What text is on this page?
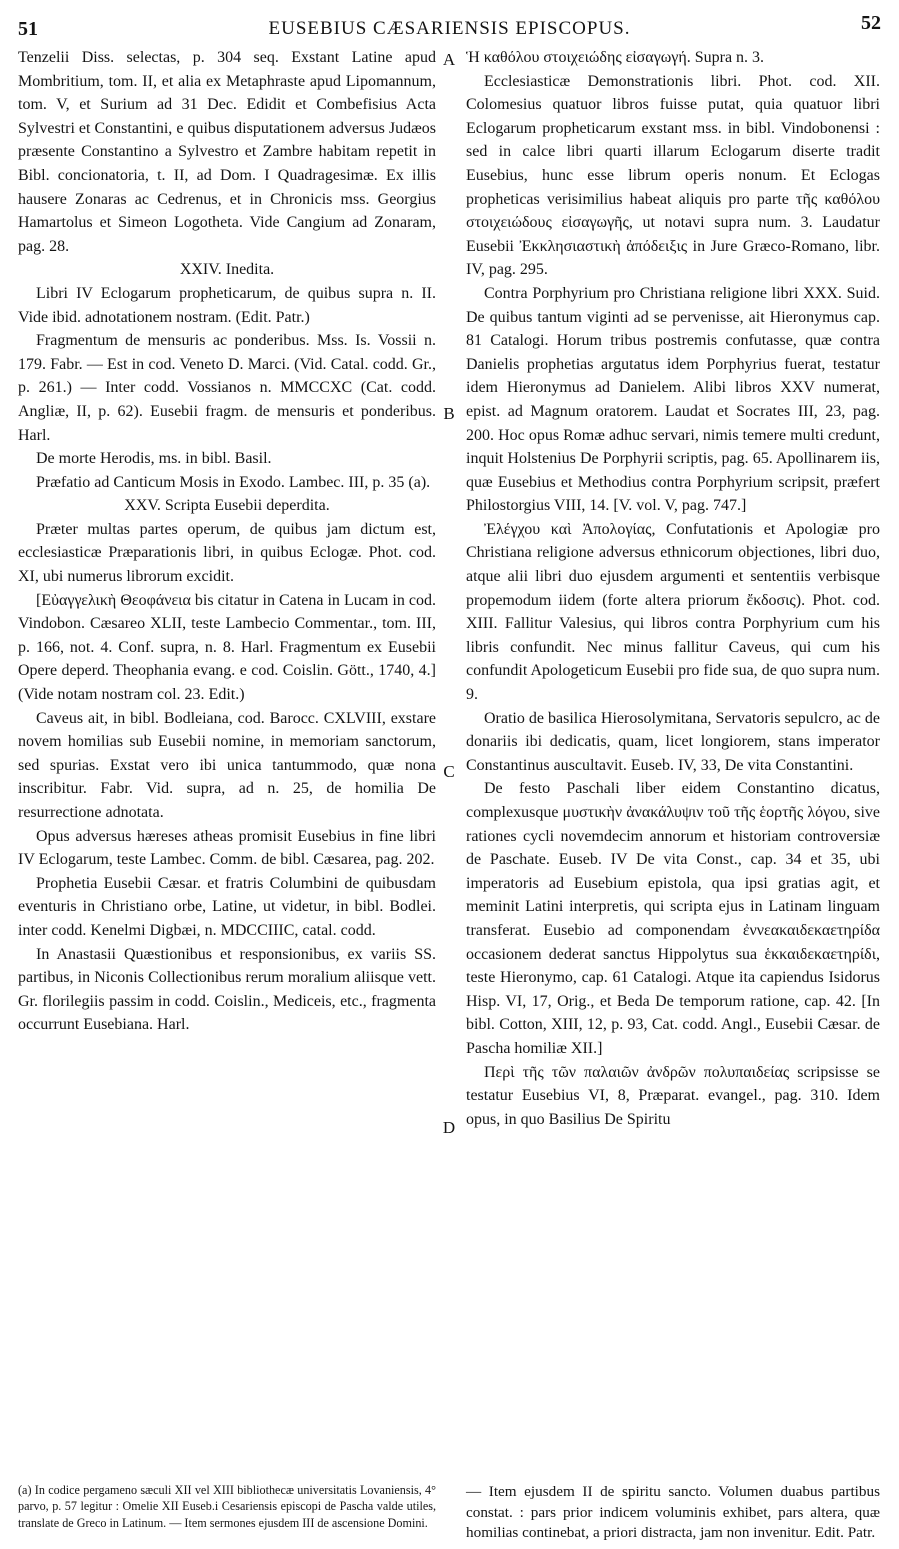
51	EUSEBIUS CÆSARIENSIS EPISCOPUS.	52
A
B
C
D

Tenzelii Diss. selectas, p. 304 seq. Exstant Latine apud Mombritium, tom. II, et alia ex Metaphraste apud Lipomannum, tom. V, et Surium ad 31 Dec. Edidit et Combefisius Acta Sylvestri et Constantini, e quibus disputationem adversus Judæos præsente Constantino a Sylvestro et Zambre habitam repetit in Bibl. concionatoria, t. II, ad Dom. I Quadragesimæ. Ex illis hausere Zonaras ac Cedrenus, et in Chronicis mss. Georgius Hamartolus et Simeon Logotheta. Vide Cangium ad Zonaram, pag. 28.

XXIV. Inedita.

Libri IV Eclogarum propheticarum, de quibus supra n. II. Vide ibid. adnotationem nostram. (Edit. Patr.)

Fragmentum de mensuris ac ponderibus. Mss. Is. Vossii n. 179. Fabr. — Est in cod. Veneto D. Marci. (Vid. Catal. codd. Gr., p. 261.) — Inter codd. Vossianos n. MMCCXC (Cat. codd. Angliæ, II, p. 62). Eusebii fragm. de mensuris et ponderibus. Harl.

De morte Herodis, ms. in bibl. Basil.

Præfatio ad Canticum Mosis in Exodo. Lambec. III, p. 35 (a).

XXV. Scripta Eusebii deperdita.

Præter multas partes operum, de quibus jam dictum est, ecclesiasticæ Præparationis libri, in quibus Eclogæ. Phot. cod. XI, ubi numerus librorum excidit.

[Εὐαγγελικὴ Θεοφάνεια bis citatur in Catena in Lucam in cod. Vindobon. Cæsareo XLII, teste Lambecio Commentar., tom. III, p. 166, not. 4. Conf. supra, n. 8. Harl. Fragmentum ex Eusebii Opere deperd. Theophania evang. e cod. Coislin. Gött., 1740, 4.] (Vide notam nostram col. 23. Edit.)

Caveus ait, in bibl. Bodleiana, cod. Barocc. CXLVIII, exstare novem homilias sub Eusebii nomine, in memoriam sanctorum, sed spurias. Exstat vero ibi unica tantummodo, quæ nona inscribitur. Fabr. Vid. supra, ad n. 25, de homilia De resurrectione adnotata.

Opus adversus hæreses atheas promisit Eusebius in fine libri IV Eclogarum, teste Lambec. Comm. de bibl. Cæsarea, pag. 202.

Prophetia Eusebii Cæsar. et fratris Columbini de quibusdam eventuris in Christiano orbe, Latine, ut videtur, in bibl. Bodlei. inter codd. Kenelmi Digbæi, n. MDCCIIIC, catal. codd.

In Anastasii Quæstionibus et responsionibus, ex variis SS. partibus, in Niconis Collectionibus rerum moralium aliisque vett. Gr. florilegiis passim in codd. Coislin., Mediceis, etc., fragmenta occurrunt Eusebiana. Harl.

Ἡ καθόλου στοιχειώδης εἰσαγωγή. Supra n. 3.

Ecclesiasticæ Demonstrationis libri. Phot. cod. XII. Colomesius quatuor libros fuisse putat, quia quatuor libri Eclogarum propheticarum exstant mss. in bibl. Vindobonensi : sed in calce libri quarti illarum Eclogarum diserte tradit Eusebius, hunc esse librum operis nonum. Et Eclogas propheticas verisimilius habeat aliquis pro parte τῆς καθόλου στοιχειώδους εἰσαγωγῆς, ut notavi supra num. 3. Laudatur Eusebii Ἐκκλησιαστικὴ ἀπόδειξις in Jure Græco-Romano, libr. IV, pag. 295.

Contra Porphyrium pro Christiana religione libri XXX. Suid. De quibus tantum viginti ad se pervenisse, ait Hieronymus cap. 81 Catalogi. Horum tribus postremis confutasse, quæ contra Danielis prophetias argutatus idem Porphyrius fuerat, testatur idem Hieronymus ad Danielem. Alibi libros XXV numerat, epist. ad Magnum oratorem. Laudat et Socrates III, 23, pag. 200. Hoc opus Romæ adhuc servari, nimis temere multi credunt, inquit Holstenius De Porphyrii scriptis, pag. 65. Apollinarem iis, quæ Eusebius et Methodius contra Porphyrium scripsit, præfert Philostorgius VIII, 14. [V. vol. V, pag. 747.]

Ἐλέγχου καὶ Ἀπολογίας, Confutationis et Apologiæ pro Christiana religione adversus ethnicorum objectiones, libri duo, atque alii libri duo ejusdem argumenti et sententiis verbisque propemodum iidem (forte altera priorum ἔκδοσις). Phot. cod. XIII. Fallitur Valesius, qui libros contra Porphyrium cum his libris confundit. Nec minus fallitur Caveus, qui cum his confundit Apologeticum Eusebii pro fide sua, de quo supra num. 9.

Oratio de basilica Hierosolymitana, Servatoris sepulcro, ac de donariis ibi dedicatis, quam, licet longiorem, stans imperator Constantinus auscultavit. Euseb. IV, 33, De vita Constantini.

De festo Paschali liber eidem Constantino dicatus, complexusque μυστικὴν ἀνακάλυψιν τοῦ τῆς ἑορτῆς λόγου, sive rationes cycli novemdecim annorum et historiam controversiæ de Paschate. Euseb. IV De vita Const., cap. 34 et 35, ubi imperatoris ad Eusebium epistola, qua ipsi gratias agit, et meminit Latini interpretis, qui scripta ejus in Latinam linguam transferat. Eusebio ad componendam ἐννεακαιδεκαετηρίδα occasionem dederat sanctus Hippolytus sua ἑκκαιδεκαετηρίδι, teste Hieronymo, cap. 61 Catalogi. Atque ita capiendus Isidorus Hisp. VI, 17, Orig., et Beda De temporum ratione, cap. 42. [In bibl. Cotton, XIII, 12, p. 93, Cat. codd. Angl., Eusebii Cæsar. de Pascha homiliæ XII.]

Περὶ τῆς τῶν παλαιῶν ἀνδρῶν πολυπαιδείας scripsisse se testatur Eusebius VI, 8, Præparat. evangel., pag. 310. Idem opus, in quo Basilius De Spiritu

(a) In codice pergameno sæculi XII vel XIII bibliothecæ universitatis Lovaniensis, 4° parvo, p. 57 legitur : Omelie XII Euseb.i Cesariensis episcopi de Pascha valde utiles, translate de Greco in Latinum. — Item sermones ejusdem III de ascensione Domini.

— Item ejusdem II de spiritu sancto. Volumen duabus partibus constat. : pars prior indicem voluminis exhibet, pars altera, quæ homilias continebat, a priori distracta, jam non invenitur. Edit. Patr.
